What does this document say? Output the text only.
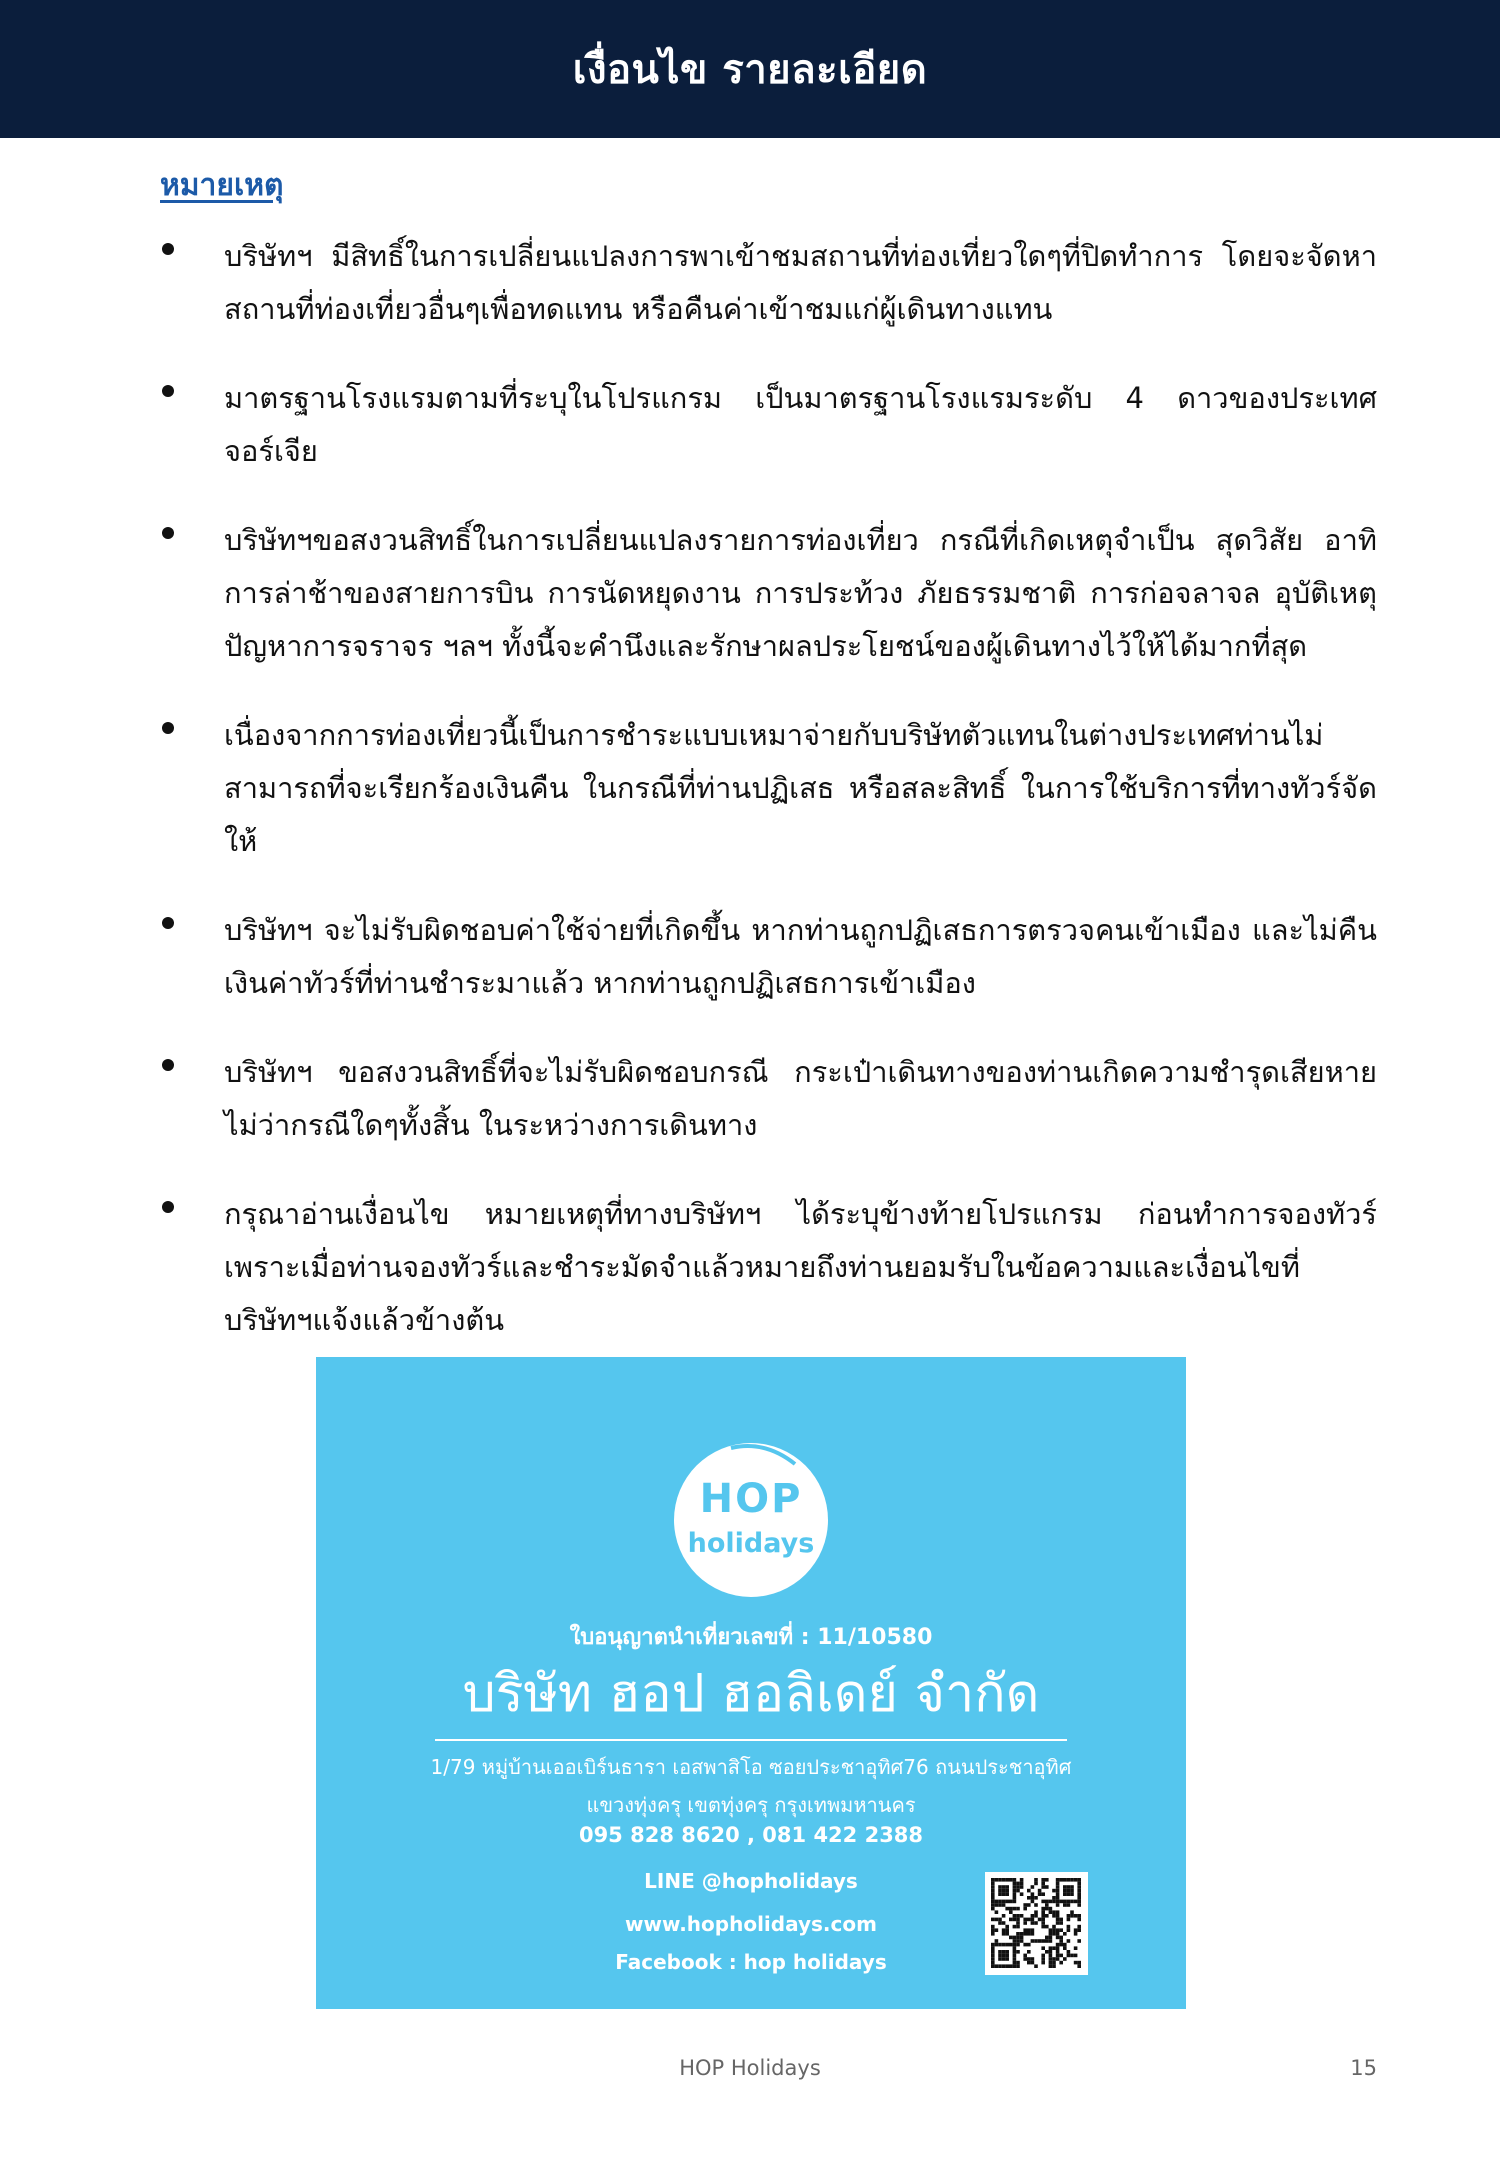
เงื่อนไข รายละเอียด
หมายเหตุ
บริษัทฯ มีสิทธิ์ในการเปลี่ยนแปลงการพาเข้าชมสถานที่ท่องเที่ยวใดๆที่ปิดทำการ โดยจะจัดหาสถานที่ท่องเที่ยวอื่นๆเพื่อทดแทน หรือคืนค่าเข้าชมแก่ผู้เดินทางแทน
มาตรฐานโรงแรมตามที่ระบุในโปรแกรม เป็นมาตรฐานโรงแรมระดับ 4 ดาวของประเทศจอร์เจีย
บริษัทฯขอสงวนสิทธิ์ในการเปลี่ยนแปลงรายการท่องเที่ยว กรณีที่เกิดเหตุจำเป็น สุดวิสัย อาทิ การล่าช้าของสายการบิน การนัดหยุดงาน การประท้วง ภัยธรรมชาติ การก่อจลาจล อุบัติเหตุ ปัญหาการจราจร ฯลฯ ทั้งนี้จะคำนึงและรักษาผลประโยชน์ของผู้เดินทางไว้ให้ได้มากที่สุด
เนื่องจากการท่องเที่ยวนี้เป็นการชำระแบบเหมาจ่ายกับบริษัทตัวแทนในต่างประเทศท่านไม่สามารถที่จะเรียกร้องเงินคืน ในกรณีที่ท่านปฏิเสธ หรือสละสิทธิ์ ในการใช้บริการที่ทางทัวร์จัดให้
บริษัทฯ จะไม่รับผิดชอบค่าใช้จ่ายที่เกิดขึ้น หากท่านถูกปฏิเสธการตรวจคนเข้าเมือง และไม่คืนเงินค่าทัวร์ที่ท่านชำระมาแล้ว หากท่านถูกปฏิเสธการเข้าเมือง
บริษัทฯ ขอสงวนสิทธิ์ที่จะไม่รับผิดชอบกรณี กระเป๋าเดินทางของท่านเกิดความชำรุดเสียหาย ไม่ว่ากรณีใดๆทั้งสิ้น ในระหว่างการเดินทาง
กรุณาอ่านเงื่อนไข หมายเหตุที่ทางบริษัทฯ ได้ระบุข้างท้ายโปรแกรม ก่อนทำการจองทัวร์ เพราะเมื่อท่านจองทัวร์และชำระมัดจำแล้วหมายถึงท่านยอมรับในข้อความและเงื่อนไขที่บริษัทฯแจ้งแล้วข้างต้น
HOP
holidays
ใบอนุญาตนำเที่ยวเลขที่ : 11/10580
บริษัท ฮอป ฮอลิเดย์ จำกัด
1/79 หมู่บ้านเออเบิร์นธารา เอสพาสิโอ ซอยประชาอุทิศ76 ถนนประชาอุทิศ
แขวงทุ่งครุ เขตทุ่งครุ กรุงเทพมหานคร
095 828 8620 , 081 422 2388
LINE @hopholidays
www.hopholidays.com
Facebook : hop holidays
HOP Holidays	15
